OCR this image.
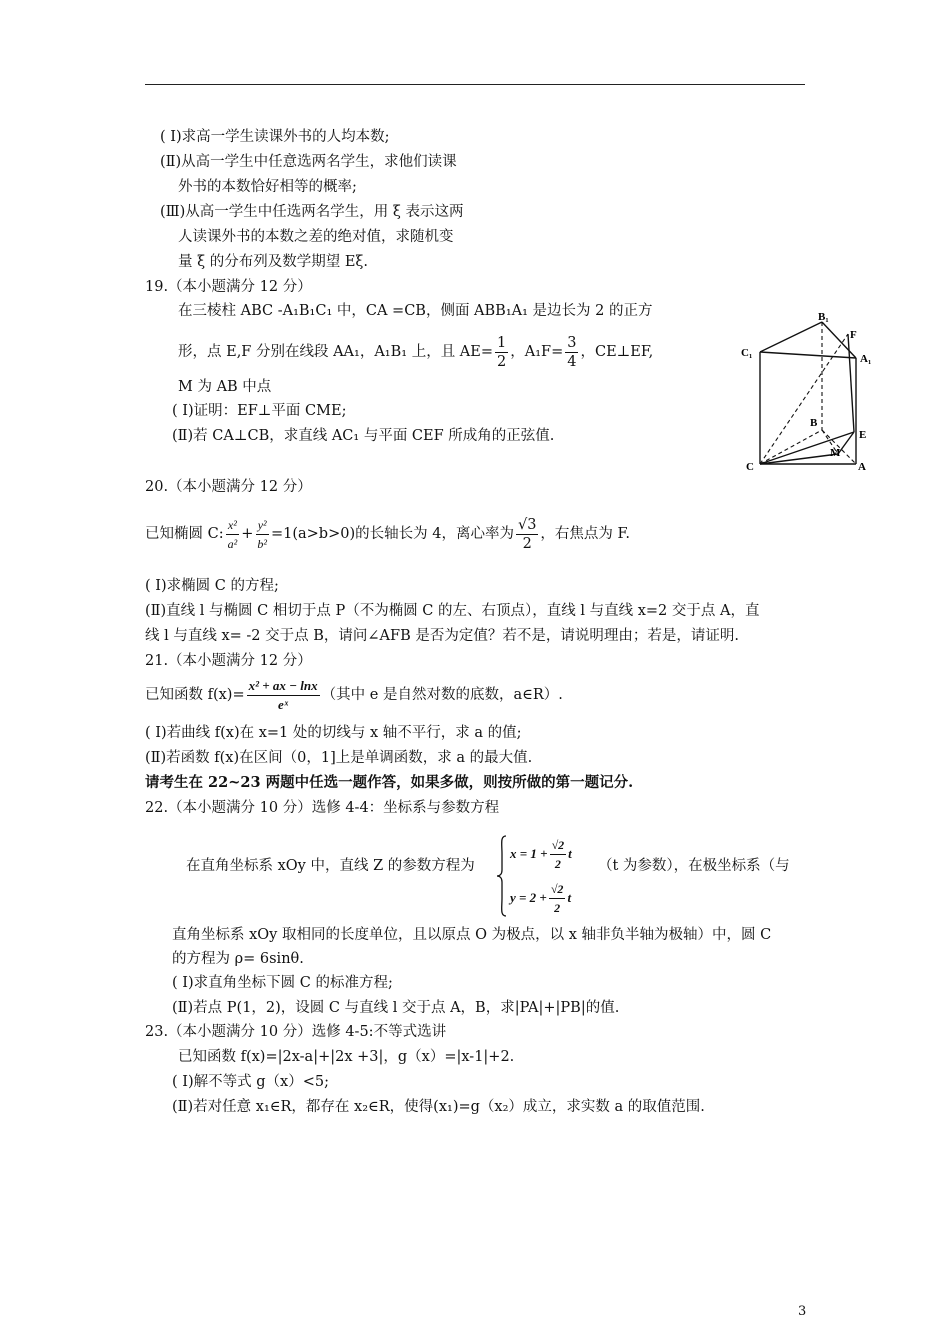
( Ⅰ)求高一学生读课外书的人均本数;
(Ⅱ)从高一学生中任意选两名学生，求他们读课
外书的本数恰好相等的概率;
(Ⅲ)从高一学生中任选两名学生，用 ξ 表示这两
人读课外书的本数之差的绝对值，求随机变
量 ξ 的分布列及数学期望 Eξ.
19.（本小题满分 12 分）
在三棱柱 ABC -A₁B₁C₁ 中，CA =CB，侧面 ABB₁A₁ 是边长为 2 的正方
形，点 E,F 分别在线段 AA₁，A₁B₁ 上，且 $AE= \frac{1}{2}$ ，$A_1F= \frac{3}{4}$ ，CE⊥EF,
M 为 AB 中点
( Ⅰ)证明：EF⊥平面 CME;
(Ⅱ)若 CA⊥CB，求直线 AC₁ 与平面 CEF 所成角的正弦值.
B₁
F
C₁	A₁
B
E
M
C	A
20.（本小题满分 12 分）
已知椭圆 C: $\frac{\text{x²}}{\text{a²}} + \frac{\text{y²}}{\text{b²}} =1(a>b>0)$的长轴长为 4，离心率为 $\frac{√3}{2}$ ，右焦点为 F.
( Ⅰ)求椭圆 C 的方程;
(Ⅱ)直线 l 与椭圆 C 相切于点 P（不为椭圆 C 的左、右顶点），直线 l 与直线 x=2 交于点 A，直
线 l 与直线 x= -2 交于点 B，请问∠AFB 是否为定值？若不是，请说明理由；若是，请证明.
21.（本小题满分 12 分）
已知函数 $f(x)= \frac{\text{x² + ax − lnx}}{\text{eˣ}}$ （其中 e 是自然对数的底数，a∈R）.
( Ⅰ)若曲线 f(x)在 x=1 处的切线与 x 轴不平行，求 a 的值;
(Ⅱ)若函数 f(x)在区间（0，1]上是单调函数，求 a 的最大值.
请考生在 22~23 两题中任选一题作答，如果多做，则按所做的第一题记分.
22.（本小题满分 10 分）选修 4-4：坐标系与参数方程
在直角坐标系 xOy 中，直线 Z 的参数方程为
$x = 1 + \frac{√2}{2}$ t
$y = 2 + \frac{√2}{2}$ t
（t 为参数），在极坐标系（与
直角坐标系 xOy 取相同的长度单位，且以原点 O 为极点，以 x 轴非负半轴为极轴）中，圆 C
的方程为 ρ= 6sinθ.
( Ⅰ)求直角坐标下圆 C 的标准方程;
(Ⅱ)若点 P(1，2)，设圆 C 与直线 l 交于点 A，B，求|PA|+|PB|的值.
23.（本小题满分 10 分）选修 4-5:不等式选讲
已知函数 f(x)=|2x-a|+|2x +3|，g（x）=|x-1|+2.
( Ⅰ)解不等式 g（x）<5;
(Ⅱ)若对任意 x₁∈R，都存在 x₂∈R，使得(x₁)=g（x₂）成立，求实数 a 的取值范围.
3
